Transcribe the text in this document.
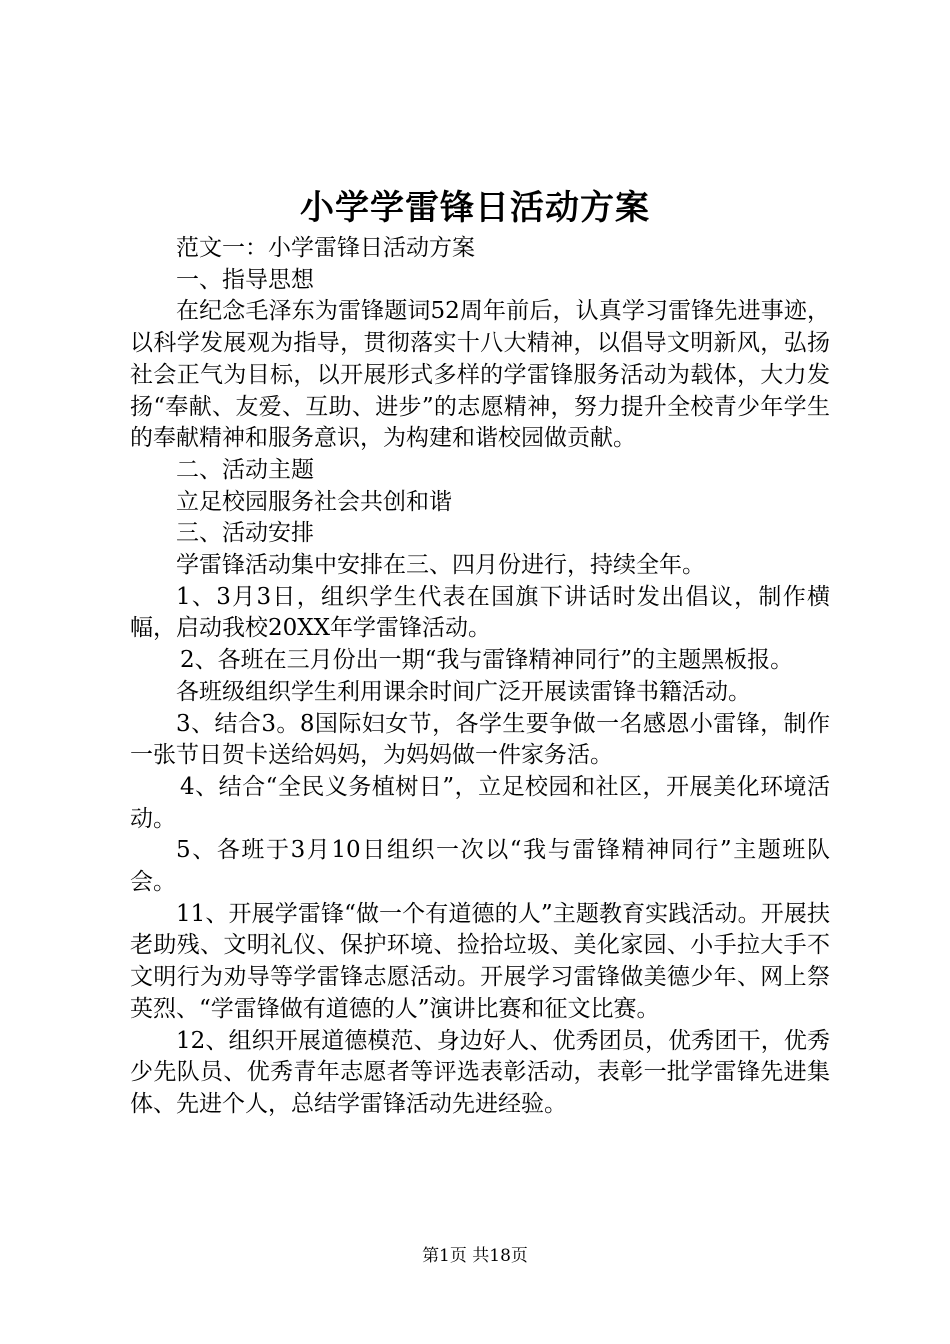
小学学雷锋日活动方案

范文一：小学雷锋日活动方案

一、指导思想

在纪念毛泽东为雷锋题词52周年前后，认真学习雷锋先进事迹，以科学发展观为指导，贯彻落实十八大精神，以倡导文明新风，弘扬社会正气为目标，以开展形式多样的学雷锋服务活动为载体，大力发扬“奉献、友爱、互助、进步”的志愿精神，努力提升全校青少年学生的奉献精神和服务意识，为构建和谐校园做贡献。

二、活动主题

立足校园服务社会共创和谐

三、活动安排

学雷锋活动集中安排在三、四月份进行，持续全年。

1、3月3日，组织学生代表在国旗下讲话时发出倡议，制作横幅，启动我校20XX年学雷锋活动。

2、各班在三月份出一期“我与雷锋精神同行”的主题黑板报。

各班级组织学生利用课余时间广泛开展读雷锋书籍活动。

3、结合3。8国际妇女节，各学生要争做一名感恩小雷锋，制作一张节日贺卡送给妈妈，为妈妈做一件家务活。

4、结合“全民义务植树日”，立足校园和社区，开展美化环境活动。

5、各班于3月10日组织一次以“我与雷锋精神同行”主题班队会。

11、开展学雷锋“做一个有道德的人”主题教育实践活动。开展扶老助残、文明礼仪、保护环境、捡拾垃圾、美化家园、小手拉大手不文明行为劝导等学雷锋志愿活动。开展学习雷锋做美德少年、网上祭英烈、“学雷锋做有道德的人”演讲比赛和征文比赛。

12、组织开展道德模范、身边好人、优秀团员，优秀团干，优秀少先队员、优秀青年志愿者等评选表彰活动，表彰一批学雷锋先进集体、先进个人，总结学雷锋活动先进经验。

第1页 共18页
